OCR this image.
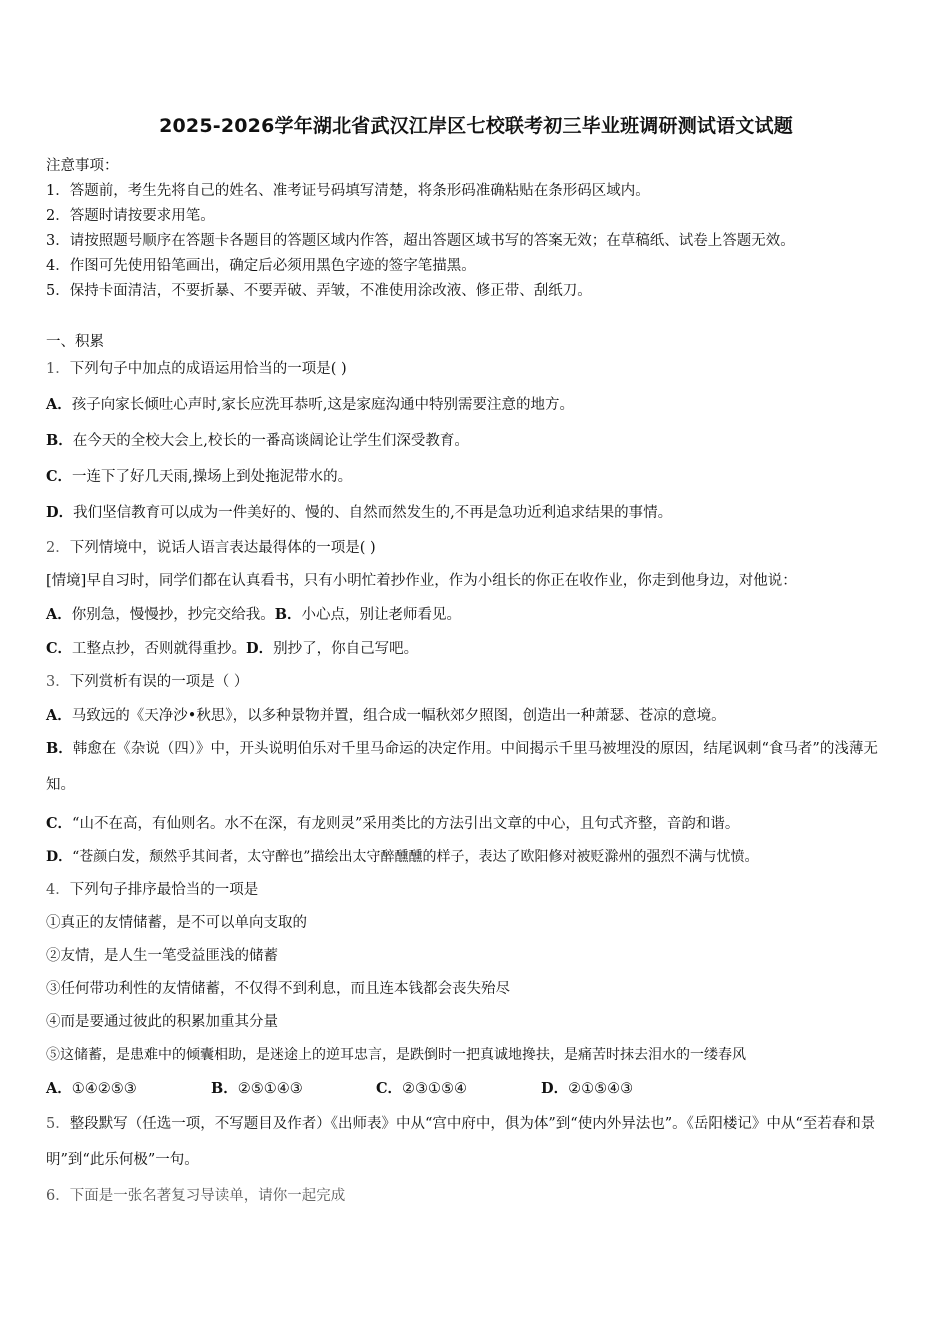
2025-2026学年湖北省武汉江岸区七校联考初三毕业班调研测试语文试题
注意事项：
1．答题前，考生先将自己的姓名、准考证号码填写清楚，将条形码准确粘贴在条形码区域内。
2．答题时请按要求用笔。
3．请按照题号顺序在答题卡各题目的答题区域内作答，超出答题区域书写的答案无效；在草稿纸、试卷上答题无效。
4．作图可先使用铅笔画出，确定后必须用黑色字迹的签字笔描黑。
5．保持卡面清洁，不要折暴、不要弄破、弄皱，不准使用涂改液、修正带、刮纸刀。
一、积累
1．下列句子中加点的成语运用恰当的一项是( )
A．孩子向家长倾吐心声时,家长应洗耳恭听,这是家庭沟通中特别需要注意的地方。
B．在今天的全校大会上,校长的一番高谈阔论让学生们深受教育。
C．一连下了好几天雨,操场上到处拖泥带水的。
D．我们坚信教育可以成为一件美好的、慢的、自然而然发生的,不再是急功近利追求结果的事情。
2．下列情境中，说话人语言表达最得体的一项是( )
[情境]早自习时，同学们都在认真看书，只有小明忙着抄作业，作为小组长的你正在收作业，你走到他身边，对他说：
A．你别急，慢慢抄，抄完交给我。B．小心点，别让老师看见。
C．工整点抄，否则就得重抄。D．别抄了，你自己写吧。
3．下列赏析有误的一项是（ ）
A．马致远的《天净沙•秋思》，以多种景物并置，组合成一幅秋郊夕照图，创造出一种萧瑟、苍凉的意境。
B．韩愈在《杂说（四）》中，开头说明伯乐对千里马命运的决定作用。中间揭示千里马被埋没的原因，结尾讽刺“食马者”的浅薄无知。
C．“山不在高，有仙则名。水不在深，有龙则灵”采用类比的方法引出文章的中心，且句式齐整，音韵和谐。
D．“苍颜白发，颓然乎其间者，太守醉也”描绘出太守醉醺醺的样子，表达了欧阳修对被贬滁州的强烈不满与忧愤。
4．下列句子排序最恰当的一项是
①真正的友情储蓄，是不可以单向支取的
②友情，是人生一笔受益匪浅的储蓄
③任何带功利性的友情储蓄，不仅得不到利息，而且连本钱都会丧失殆尽
④而是要通过彼此的积累加重其分量
⑤这储蓄，是患难中的倾囊相助，是迷途上的逆耳忠言，是跌倒时一把真诚地搀扶，是痛苦时抹去泪水的一缕春风
A．①④②⑤③	B．②⑤①④③	C．②③①⑤④	D．②①⑤④③
5．整段默写（任选一项，不写题目及作者）《出师表》中从“宫中府中，俱为体”到“使内外异法也”。《岳阳楼记》中从“至若春和景明”到“此乐何极”一句。
6．下面是一张名著复习导读单，请你一起完成
